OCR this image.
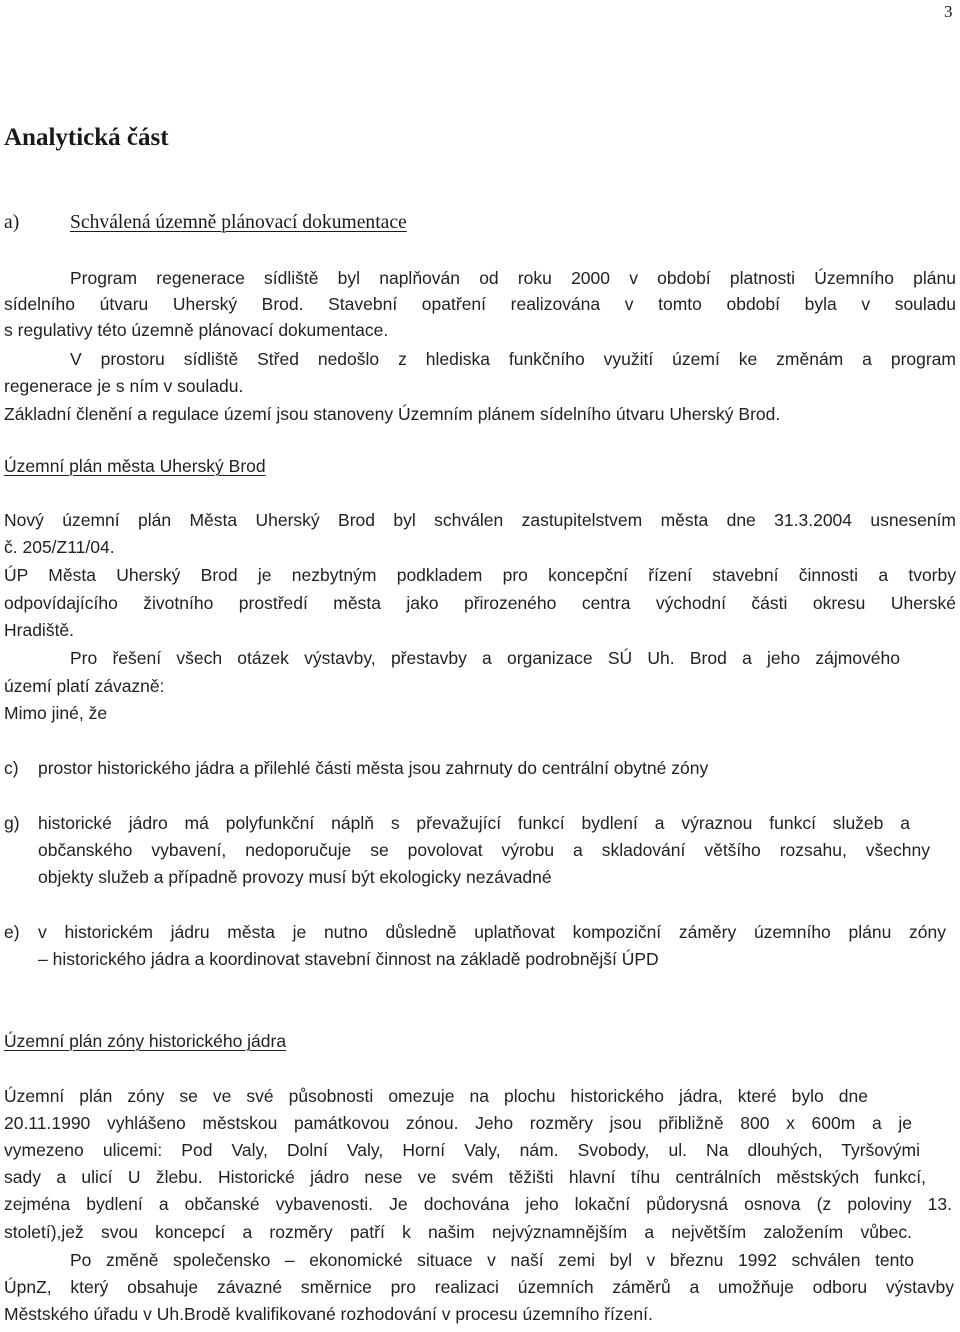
3
Analytická část
a)	Schválená územně plánovací dokumentace
Program regenerace sídliště byl naplňován od roku 2000 v období platnosti Územního plánu
sídelního útvaru Uherský Brod. Stavební opatření realizována v tomto období byla v souladu
s regulativy této územně plánovací dokumentace.
V prostoru sídliště Střed nedošlo z hlediska funkčního využití území ke změnám a program
regenerace je s ním v souladu.
Základní členění a regulace území jsou stanoveny Územním plánem sídelního útvaru Uherský Brod.
Územní plán města Uherský Brod
Nový územní plán Města Uherský Brod byl schválen zastupitelstvem města dne 31.3.2004 usnesením
č. 205/Z11/04.
ÚP Města Uherský Brod je nezbytným podkladem pro koncepční řízení stavební činnosti a tvorby
odpovídajícího životního prostředí města jako přirozeného centra východní části okresu Uherské
Hradiště.
Pro řešení všech otázek výstavby, přestavby a organizace SÚ Uh. Brod a jeho zájmového
území platí závazně:
Mimo jiné, že
c) prostor historického jádra a přilehlé části města jsou zahrnuty do centrální obytné zóny
g) historické jádro má polyfunkční náplň s převažující funkcí bydlení a výraznou funkcí služeb a
občanského vybavení, nedoporučuje se povolovat výrobu a skladování většího rozsahu, všechny
objekty služeb a případně provozy musí být ekologicky nezávadné
e) v historickém jádru města je nutno důsledně uplatňovat kompoziční záměry územního plánu zóny
– historického jádra a koordinovat stavební činnost na základě podrobnější ÚPD
Územní plán zóny historického jádra
Územní plán zóny se ve své působnosti omezuje na plochu historického jádra, které bylo dne
20.11.1990 vyhlášeno městskou památkovou zónou. Jeho rozměry jsou přibližně 800 x 600m a je
vymezeno ulicemi: Pod Valy, Dolní Valy, Horní Valy, nám. Svobody, ul. Na dlouhých, Tyršovými
sady a ulicí U žlebu. Historické jádro nese ve svém těžišti hlavní tíhu centrálních městských funkcí,
zejména bydlení a občanské vybavenosti. Je dochována jeho lokační půdorysná osnova (z poloviny 13.
století),jež svou koncepcí a rozměry patří k našim nejvýznamnějším a největším založením vůbec.
Po změně společensko – ekonomické situace v naší zemi byl v březnu 1992 schválen tento
ÚpnZ, který obsahuje závazné směrnice pro realizaci územních záměrů a umožňuje odboru výstavby
Městského úřadu v Uh.Brodě kvalifikované rozhodování v procesu územního řízení.
